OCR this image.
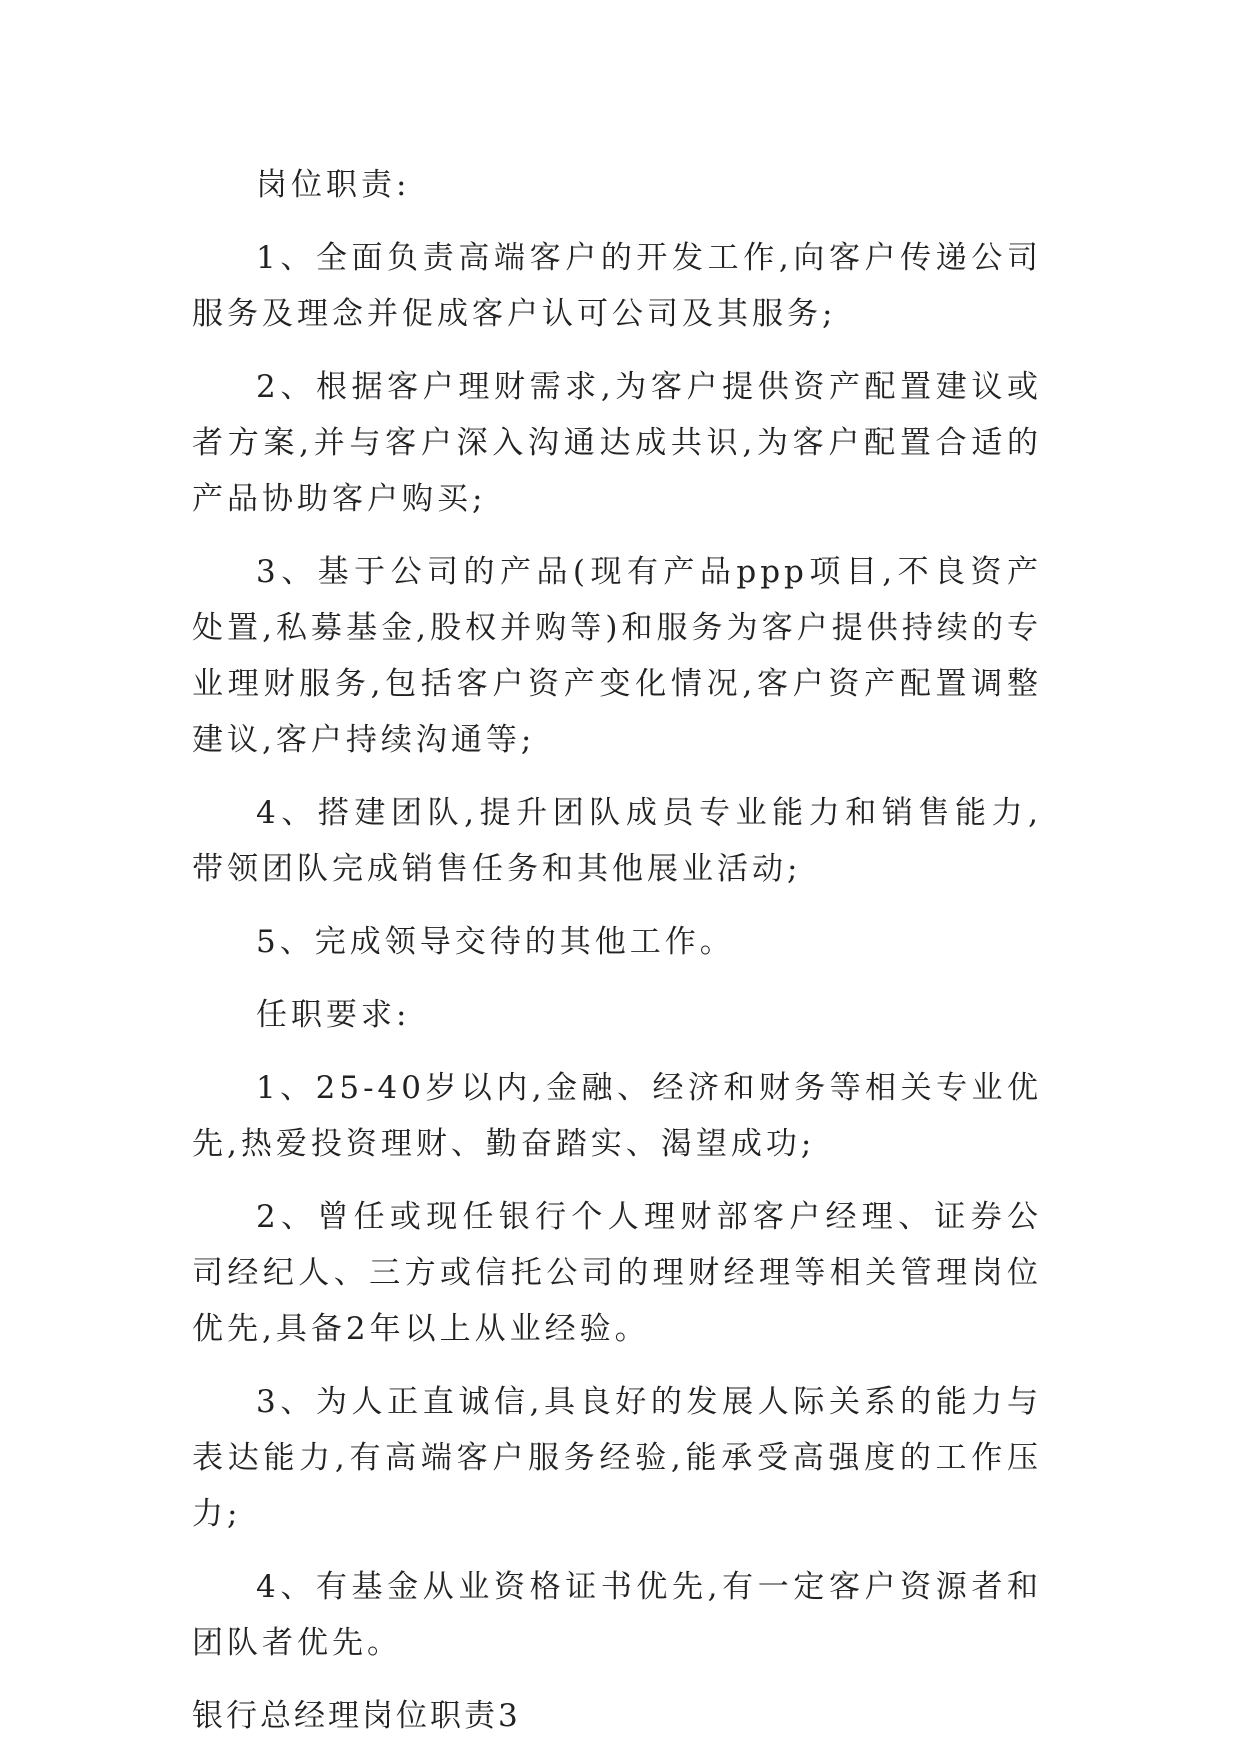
岗位职责:

1、全面负责高端客户的开发工作,向客户传递公司服务及理念并促成客户认可公司及其服务;

2、根据客户理财需求,为客户提供资产配置建议或者方案,并与客户深入沟通达成共识,为客户配置合适的产品协助客户购买;

3、基于公司的产品(现有产品ppp项目,不良资产处置,私募基金,股权并购等)和服务为客户提供持续的专业理财服务,包括客户资产变化情况,客户资产配置调整建议,客户持续沟通等;

4、搭建团队,提升团队成员专业能力和销售能力,带领团队完成销售任务和其他展业活动;

5、完成领导交待的其他工作。

任职要求:

1、25-40岁以内,金融、经济和财务等相关专业优先,热爱投资理财、勤奋踏实、渴望成功;

2、曾任或现任银行个人理财部客户经理、证券公司经纪人、三方或信托公司的理财经理等相关管理岗位优先,具备2年以上从业经验。

3、为人正直诚信,具良好的发展人际关系的能力与表达能力,有高端客户服务经验,能承受高强度的工作压力;

4、有基金从业资格证书优先,有一定客户资源者和团队者优先。

银行总经理岗位职责3
